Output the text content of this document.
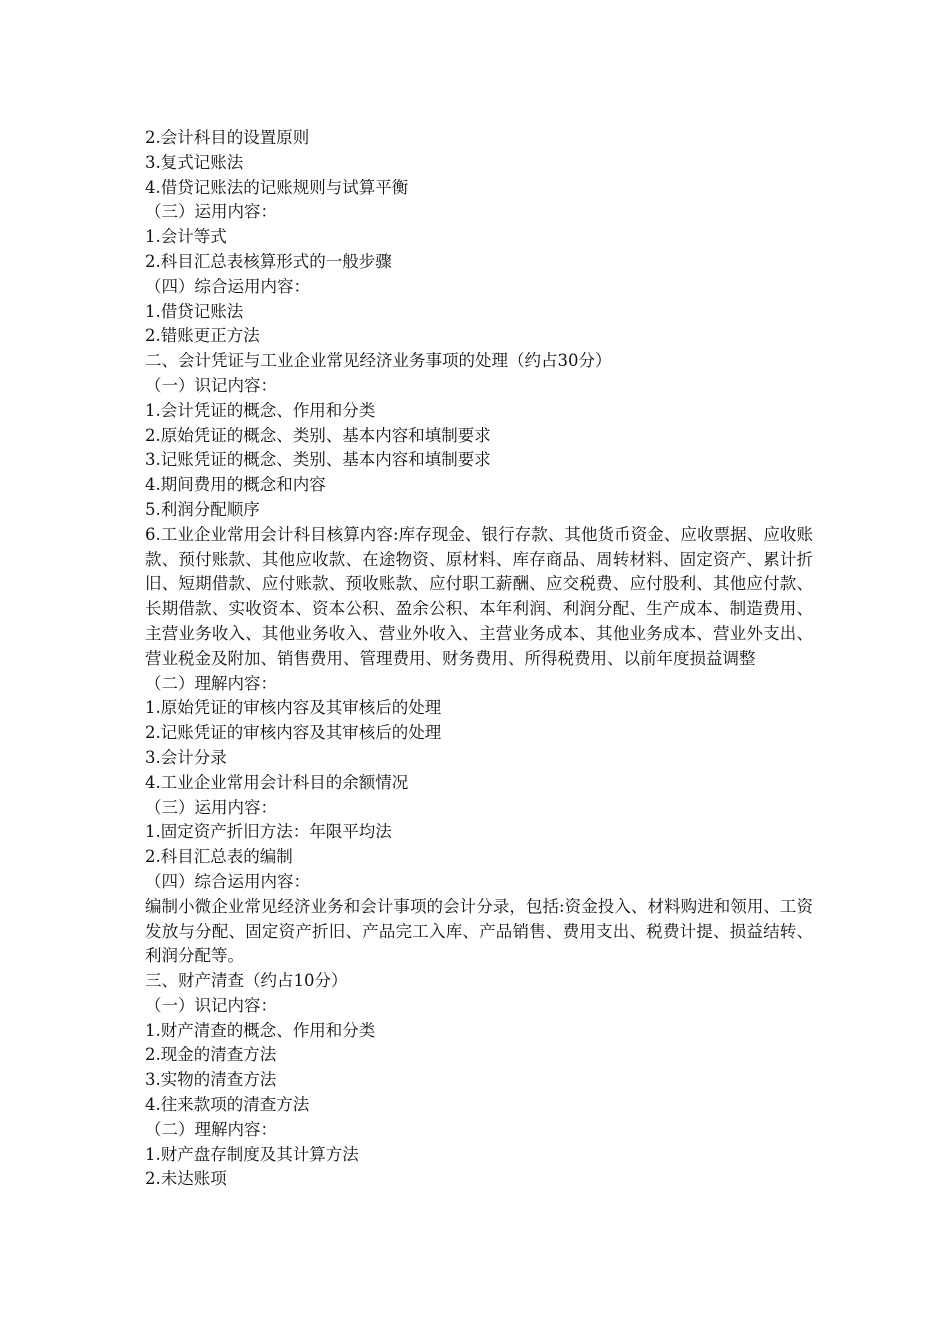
2.会计科目的设置原则
3.复式记账法
4.借贷记账法的记账规则与试算平衡
（三）运用内容：
1.会计等式
2.科目汇总表核算形式的一般步骤
（四）综合运用内容：
1.借贷记账法
2.错账更正方法
二、会计凭证与工业企业常见经济业务事项的处理（约占30分）
（一）识记内容：
1.会计凭证的概念、作用和分类
2.原始凭证的概念、类别、基本内容和填制要求
3.记账凭证的概念、类别、基本内容和填制要求
4.期间费用的概念和内容
5.利润分配顺序
6.工业企业常用会计科目核算内容:库存现金、银行存款、其他货币资金、应收票据、应收账款、预付账款、其他应收款、在途物资、原材料、库存商品、周转材料、固定资产、累计折旧、短期借款、应付账款、预收账款、应付职工薪酬、应交税费、应付股利、其他应付款、长期借款、实收资本、资本公积、盈余公积、本年利润、利润分配、生产成本、制造费用、主营业务收入、其他业务收入、营业外收入、主营业务成本、其他业务成本、营业外支出、营业税金及附加、销售费用、管理费用、财务费用、所得税费用、以前年度损益调整
（二）理解内容：
1.原始凭证的审核内容及其审核后的处理
2.记账凭证的审核内容及其审核后的处理
3.会计分录
4.工业企业常用会计科目的余额情况
（三）运用内容：
1.固定资产折旧方法：年限平均法
2.科目汇总表的编制
（四）综合运用内容：
编制小微企业常见经济业务和会计事项的会计分录，包括:资金投入、材料购进和领用、工资发放与分配、固定资产折旧、产品完工入库、产品销售、费用支出、税费计提、损益结转、利润分配等。
三、财产清查（约占10分）
（一）识记内容：
1.财产清查的概念、作用和分类
2.现金的清查方法
3.实物的清查方法
4.往来款项的清查方法
（二）理解内容：
1.财产盘存制度及其计算方法
2.未达账项
